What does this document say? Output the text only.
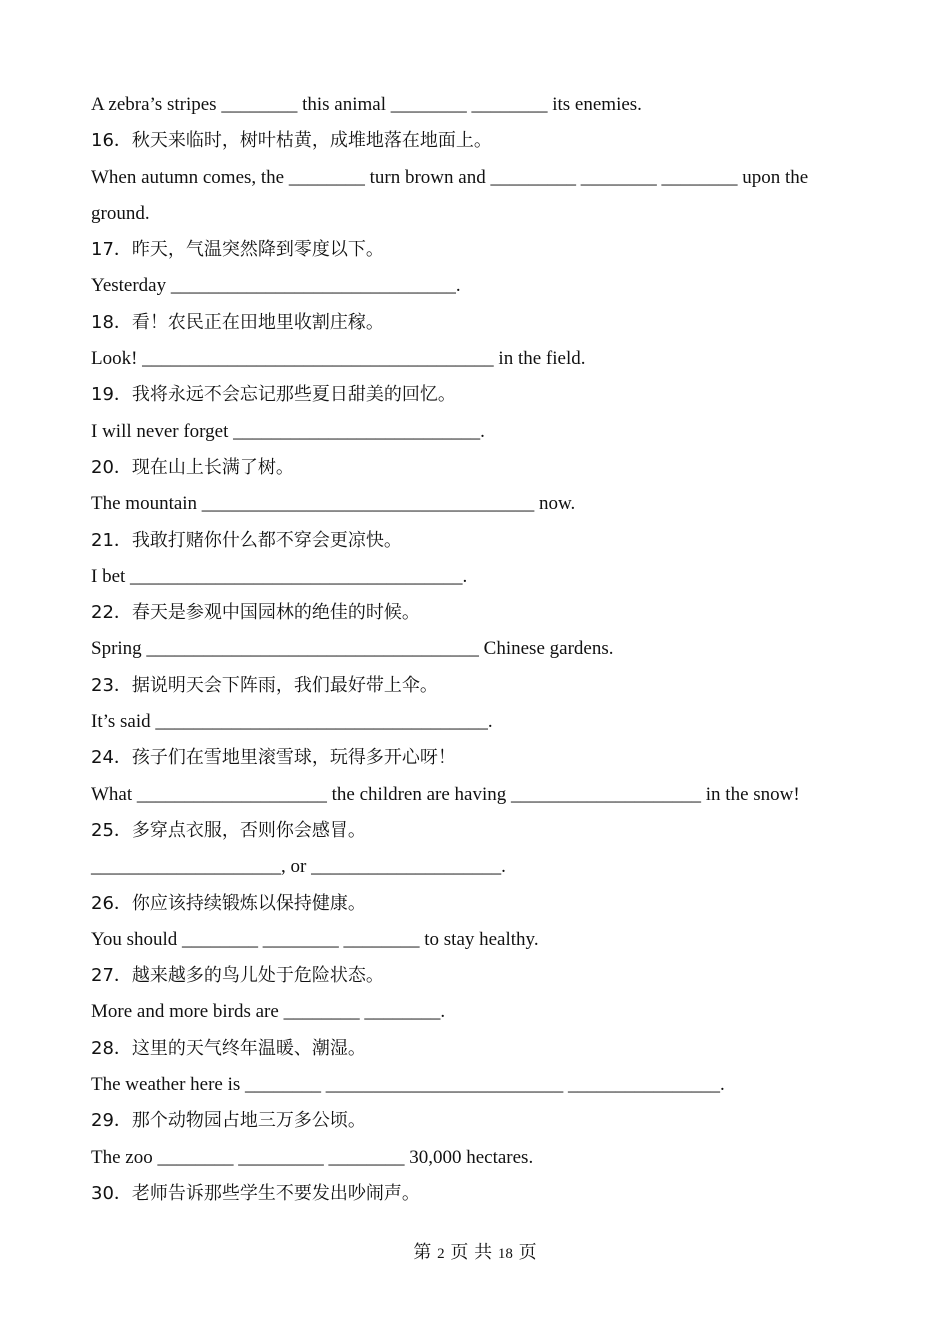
A zebra’s stripes ________ this animal ________ ________ its enemies.
16．秋天来临时，树叶枯黄，成堆地落在地面上。
When autumn comes, the ________ turn brown and _________ ________ ________ upon the
ground.
17．昨天，气温突然降到零度以下。
Yesterday ______________________________.
18．看！农民正在田地里收割庄稼。
Look! _____________________________________ in the field.
19．我将永远不会忘记那些夏日甜美的回忆。
I will never forget __________________________.
20．现在山上长满了树。
The mountain ___________________________________ now.
21．我敢打赌你什么都不穿会更凉快。
I bet ___________________________________.
22．春天是参观中国园林的绝佳的时候。
Spring ___________________________________ Chinese gardens.
23．据说明天会下阵雨，我们最好带上伞。
It’s said ___________________________________.
24．孩子们在雪地里滚雪球，玩得多开心呀！
What ____________________ the children are having ____________________ in the snow!
25．多穿点衣服，否则你会感冒。
____________________, or ____________________.
26．你应该持续锻炼以保持健康。
You should ________ ________ ________ to stay healthy.
27．越来越多的鸟儿处于危险状态。
More and more birds are ________ ________.
28．这里的天气终年温暖、潮湿。
The weather here is ________ _________________________ ________________.
29．那个动物园占地三万多公顷。
The zoo ________ _________ ________ 30,000 hectares.
30．老师告诉那些学生不要发出吵闹声。
第 2 页 共 18 页
